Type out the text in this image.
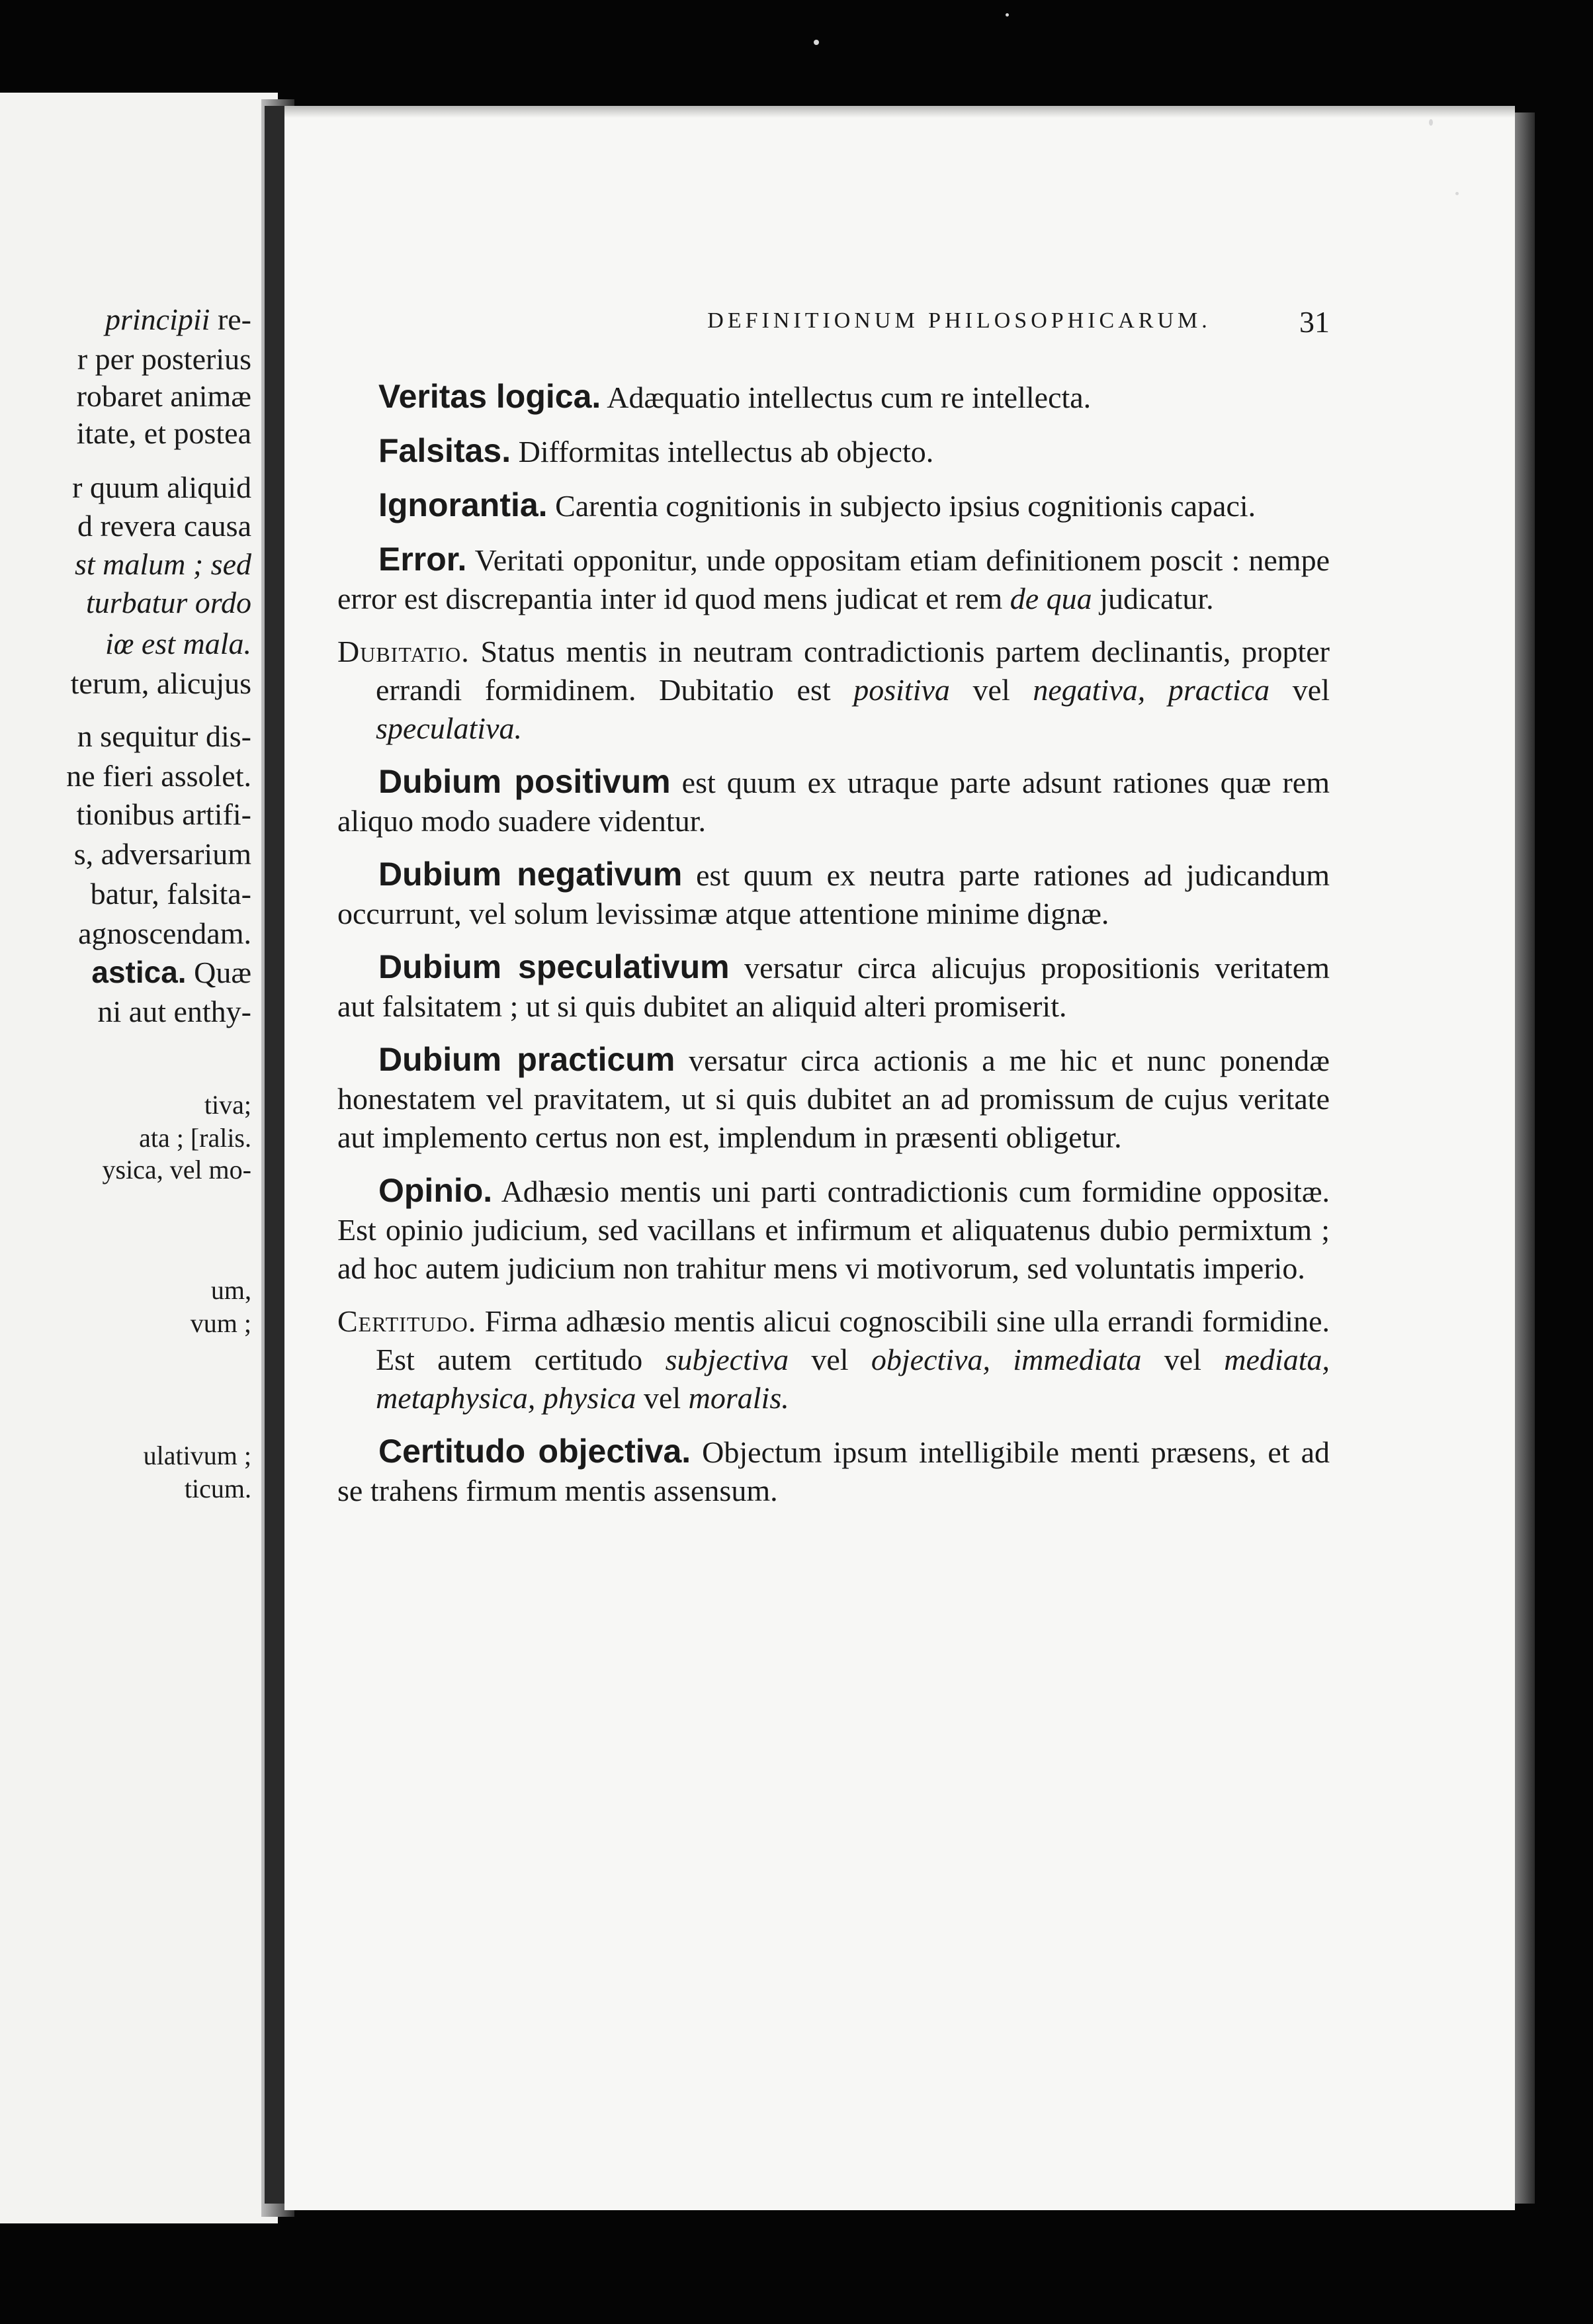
principii re-
r per posterius
robaret animæ
itate, et postea
r quum aliquid
d revera causa
st malum ; sed
turbatur ordo
iœ est mala.
terum, alicujus
n sequitur dis-
ne fieri assolet.
tionibus artifi-
s, adversarium
batur, falsita-
agnoscendam.
astica. Quæ
ni aut enthy-
tiva;
ata ; [ralis.
ysica, vel mo-
um,
vum ;
ulativum ;
ticum.
DEFINITIONUM PHILOSOPHICARUM.	31

Veritas logica. Adæquatio intellectus cum re intellecta.

Falsitas. Difformitas intellectus ab objecto.

Ignorantia. Carentia cognitionis in subjecto ipsius cognitionis capaci.

Error. Veritati opponitur, unde oppositam etiam definitionem poscit : nempe error est discrepantia inter id quod mens judicat et rem de qua judicatur.

Dubitatio. Status mentis in neutram contradictionis partem declinantis, propter errandi formidinem. Dubitatio est positiva vel negativa, practica vel speculativa.

Dubium positivum est quum ex utraque parte adsunt rationes quæ rem aliquo modo suadere videntur.

Dubium negativum est quum ex neutra parte rationes ad judicandum occurrunt, vel solum levissimæ atque attentione minime dignæ.

Dubium speculativum versatur circa alicujus propositionis veritatem aut falsitatem ; ut si quis dubitet an aliquid alteri promiserit.

Dubium practicum versatur circa actionis a me hic et nunc ponendæ honestatem vel pravitatem, ut si quis dubitet an ad promissum de cujus veritate aut implemento certus non est, implendum in præsenti obligetur.

Opinio. Adhæsio mentis uni parti contradictionis cum formidine oppositæ. Est opinio judicium, sed vacillans et infirmum et aliquatenus dubio permixtum ; ad hoc autem judicium non trahitur mens vi motivorum, sed voluntatis imperio.

Certitudo. Firma adhæsio mentis alicui cognoscibili sine ulla errandi formidine. Est autem certitudo subjectiva vel objectiva, immediata vel mediata, metaphysica, physica vel moralis.

Certitudo objectiva. Objectum ipsum intelligibile menti præsens, et ad se trahens firmum mentis assensum.
